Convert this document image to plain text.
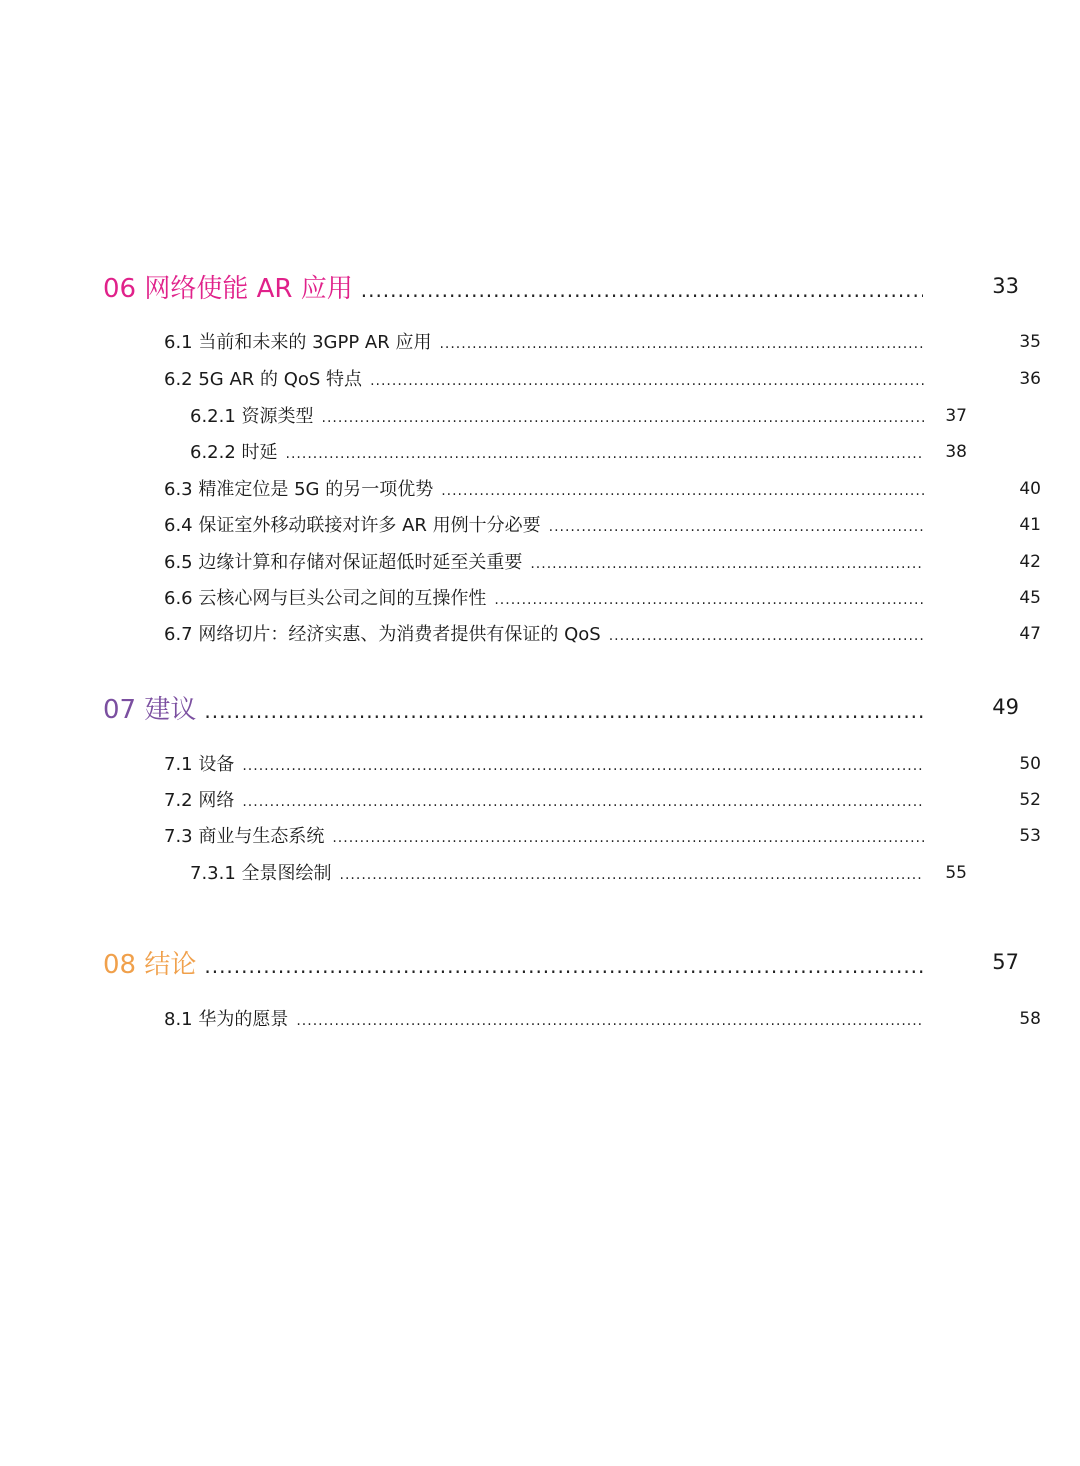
06 网络使能 AR 应用 .....	33
6.1 当前和未来的 3GPP AR 应用 .....	35
6.2 5G AR 的 QoS 特点 .....	36
6.2.1 资源类型 .....	37
6.2.2 时延 .....	38
6.3 精准定位是 5G 的另一项优势 .....	40
6.4 保证室外移动联接对许多 AR 用例十分必要 .....	41
6.5 边缘计算和存储对保证超低时延至关重要 .....	42
6.6 云核心网与巨头公司之间的互操作性 .....	45
6.7 网络切片：经济实惠、为消费者提供有保证的 QoS .....	47
07 建议 .....	49
7.1 设备 .....	50
7.2 网络 .....	52
7.3 商业与生态系统 .....	53
7.3.1 全景图绘制 .....	55
08 结论 .....	57
8.1 华为的愿景 .....	58
